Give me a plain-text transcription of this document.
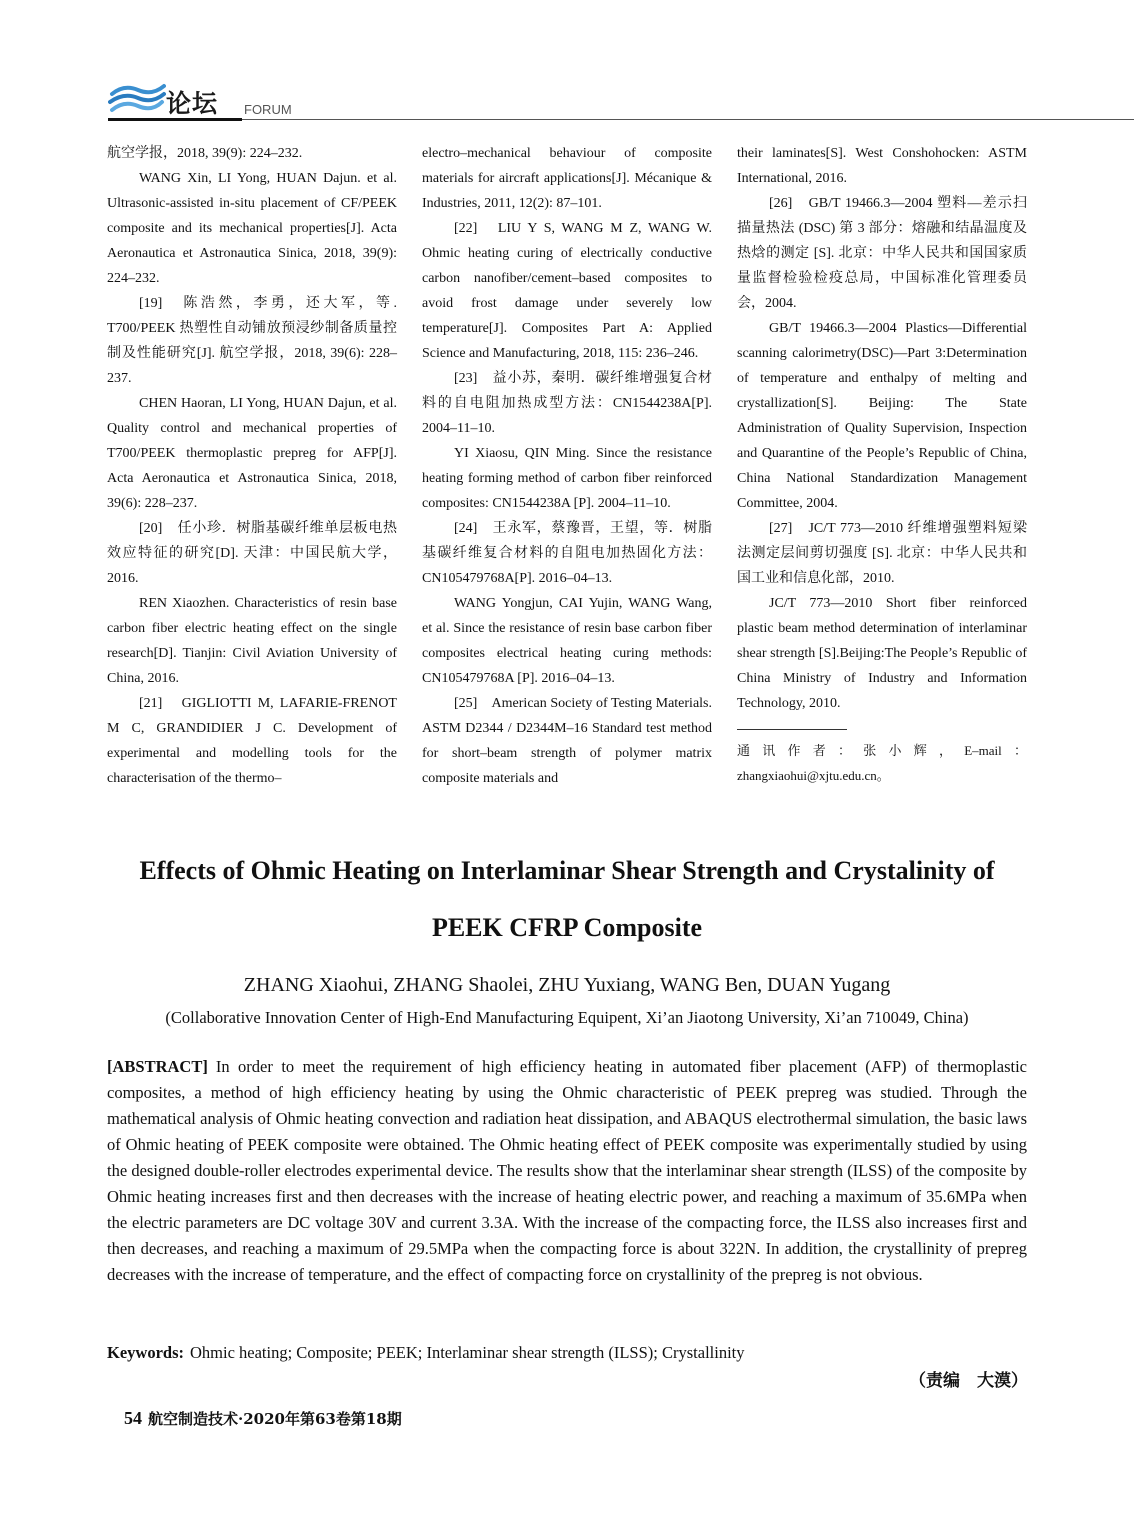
论坛 FORUM

航空学报，2018, 39(9): 224–232.

WANG Xin, LI Yong, HUAN Dajun. et al. Ultrasonic-assisted in-situ placement of CF/PEEK composite and its mechanical properties[J]. Acta Aeronautica et Astronautica Sinica, 2018, 39(9): 224–232.

[19]　陈浩然，李勇，还大军，等. T700/PEEK 热塑性自动铺放预浸纱制备质量控制及性能研究[J]. 航空学报，2018, 39(6): 228–237.

CHEN Haoran, LI Yong, HUAN Dajun, et al. Quality control and mechanical properties of T700/PEEK thermoplastic prepreg for AFP[J]. Acta Aeronautica et Astronautica Sinica, 2018, 39(6): 228–237.

[20]　任小珍．树脂基碳纤维单层板电热效应特征的研究[D]. 天津：中国民航大学，2016.

REN Xiaozhen. Characteristics of resin base carbon fiber electric heating effect on the single research[D]. Tianjin: Civil Aviation University of China, 2016.

[21]　GIGLIOTTI M, LAFARIE-FRENOT M C, GRANDIDIER J C. Development of experimental and modelling tools for the characterisation of the thermo–

electro–mechanical behaviour of composite materials for aircraft applications[J]. Mécanique & Industries, 2011, 12(2): 87–101.

[22]　LIU Y S, WANG M Z, WANG W. Ohmic heating curing of electrically conductive carbon nanofiber/cement–based composites to avoid frost damage under severely low temperature[J]. Composites Part A: Applied Science and Manufacturing, 2018, 115: 236–246.

[23]　益小苏，秦明．碳纤维增强复合材料的自电阻加热成型方法：CN1544238A[P]. 2004–11–10.

YI Xiaosu, QIN Ming. Since the resistance heating forming method of carbon fiber reinforced composites: CN1544238A [P]. 2004–11–10.

[24]　王永军，蔡豫晋，王望，等．树脂基碳纤维复合材料的自阻电加热固化方法：CN105479768A[P]. 2016–04–13.

WANG Yongjun, CAI Yujin, WANG Wang, et al. Since the resistance of resin base carbon fiber composites electrical heating curing methods: CN105479768A [P]. 2016–04–13.

[25]　American Society of Testing Materials. ASTM D2344 / D2344M–16 Standard test method for short–beam strength of polymer matrix composite materials and

their laminates[S]. West Conshohocken: ASTM International, 2016.

[26]　GB/T 19466.3—2004 塑料—差示扫描量热法 (DSC) 第 3 部分：熔融和结晶温度及热焓的测定 [S]. 北京：中华人民共和国国家质量监督检验检疫总局，中国标准化管理委员会，2004.

GB/T 19466.3—2004 Plastics—Differential scanning calorimetry(DSC)—Part 3:Determination of temperature and enthalpy of melting and crystallization[S]. Beijing: The State Administration of Quality Supervision, Inspection and Quarantine of the People’s Republic of China, China National Standardization Management Committee, 2004.

[27]　JC/T 773—2010 纤维增强塑料短梁法测定层间剪切强度 [S]. 北京：中华人民共和国工业和信息化部，2010.

JC/T 773—2010 Short fiber reinforced plastic beam method determination of interlaminar shear strength [S].Beijing:The People’s Republic of China Ministry of Industry and Information Technology, 2010.

通讯作者：张小辉，E–mail：zhangxiaohui@xjtu.edu.cn。

Effects of Ohmic Heating on Interlaminar Shear Strength and Crystalinity of
PEEK CFRP Composite
ZHANG Xiaohui, ZHANG Shaolei, ZHU Yuxiang, WANG Ben, DUAN Yugang
(Collaborative Innovation Center of High-End Manufacturing Equipent, Xi’an Jiaotong University, Xi’an 710049, China)
[ABSTRACT] In order to meet the requirement of high efficiency heating in automated fiber placement (AFP) of thermoplastic composites, a method of high efficiency heating by using the Ohmic characteristic of PEEK prepreg was studied. Through the mathematical analysis of Ohmic heating convection and radiation heat dissipation, and ABAQUS electrothermal simulation, the basic laws of Ohmic heating of PEEK composite were obtained. The Ohmic heating effect of PEEK composite was experimentally studied by using the designed double-roller electrodes experimental device. The results show that the interlaminar shear strength (ILSS) of the composite by Ohmic heating increases first and then decreases with the increase of heating electric power, and reaching a maximum of 35.6MPa when the electric parameters are DC voltage 30V and current 3.3A. With the increase of the compacting force, the ILSS also increases first and then decreases, and reaching a maximum of 29.5MPa when the compacting force is about 322N. In addition, the crystallinity of prepreg decreases with the increase of temperature, and the effect of compacting force on crystallinity of the prepreg is not obvious.
Keywords: Ohmic heating; Composite; PEEK; Interlaminar shear strength (ILSS); Crystallinity
（责编　大漠）
54 航空制造技术·2020年第63卷第18期
